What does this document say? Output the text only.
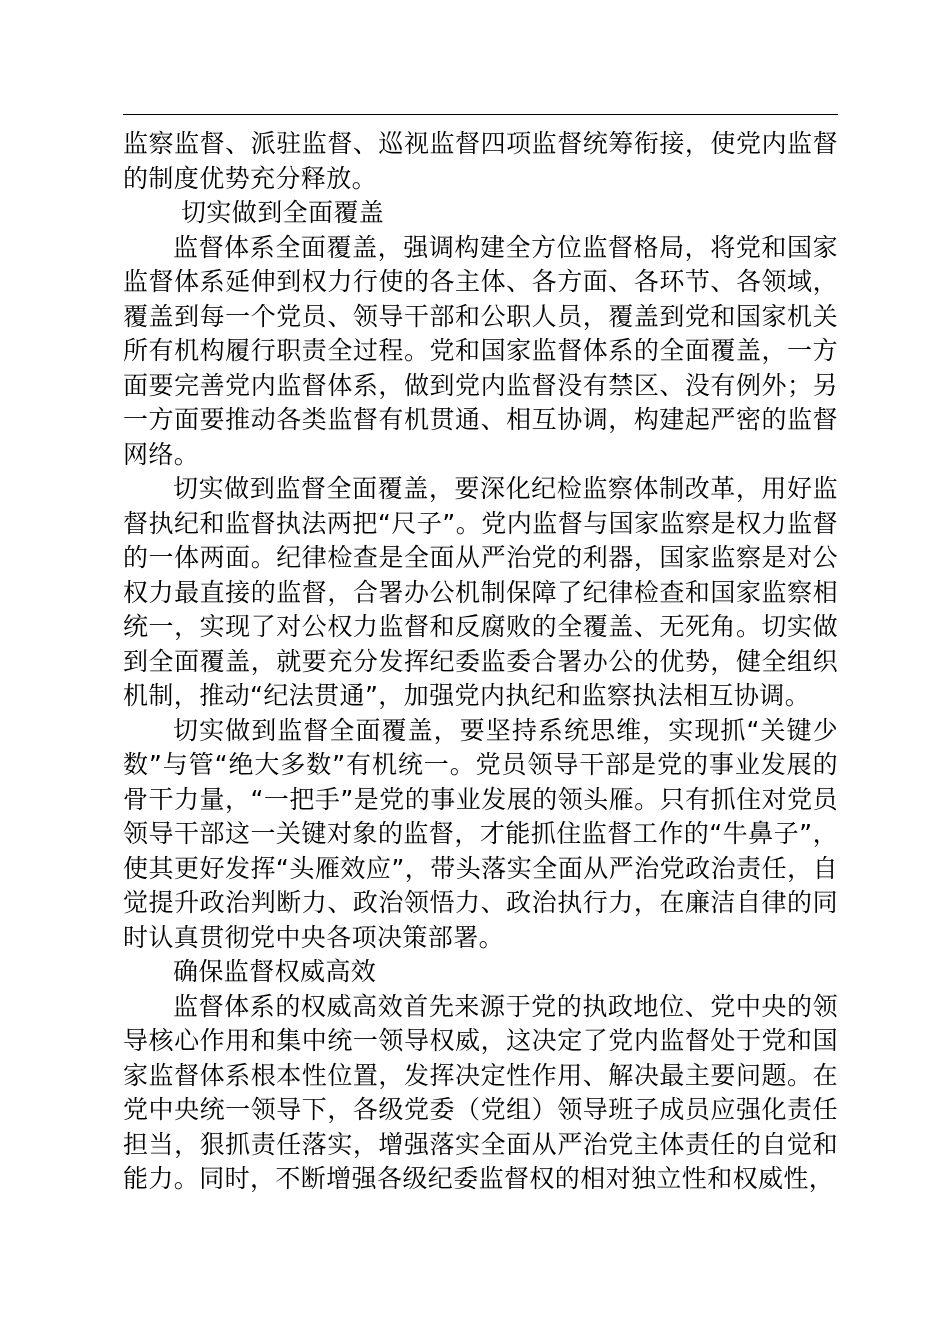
监察监督、派驻监督、巡视监督四项监督统筹衔接，使党内监督的制度优势充分释放。

切实做到全面覆盖

监督体系全面覆盖，强调构建全方位监督格局，将党和国家监督体系延伸到权力行使的各主体、各方面、各环节、各领域，覆盖到每一个党员、领导干部和公职人员，覆盖到党和国家机关所有机构履行职责全过程。党和国家监督体系的全面覆盖，一方面要完善党内监督体系，做到党内监督没有禁区、没有例外；另一方面要推动各类监督有机贯通、相互协调，构建起严密的监督网络。

切实做到监督全面覆盖，要深化纪检监察体制改革，用好监督执纪和监督执法两把“尺子”。党内监督与国家监察是权力监督的一体两面。纪律检查是全面从严治党的利器，国家监察是对公权力最直接的监督，合署办公机制保障了纪律检查和国家监察相统一，实现了对公权力监督和反腐败的全覆盖、无死角。切实做到全面覆盖，就要充分发挥纪委监委合署办公的优势，健全组织机制，推动“纪法贯通”，加强党内执纪和监察执法相互协调。

切实做到监督全面覆盖，要坚持系统思维，实现抓“关键少数”与管“绝大多数”有机统一。党员领导干部是党的事业发展的骨干力量，“一把手”是党的事业发展的领头雁。只有抓住对党员领导干部这一关键对象的监督，才能抓住监督工作的“牛鼻子”，使其更好发挥“头雁效应”，带头落实全面从严治党政治责任，自觉提升政治判断力、政治领悟力、政治执行力，在廉洁自律的同时认真贯彻党中央各项决策部署。

确保监督权威高效

监督体系的权威高效首先来源于党的执政地位、党中央的领导核心作用和集中统一领导权威，这决定了党内监督处于党和国家监督体系根本性位置，发挥决定性作用、解决最主要问题。在党中央统一领导下，各级党委（党组）领导班子成员应强化责任担当，狠抓责任落实，增强落实全面从严治党主体责任的自觉和能力。同时，不断增强各级纪委监督权的相对独立性和权威性，
